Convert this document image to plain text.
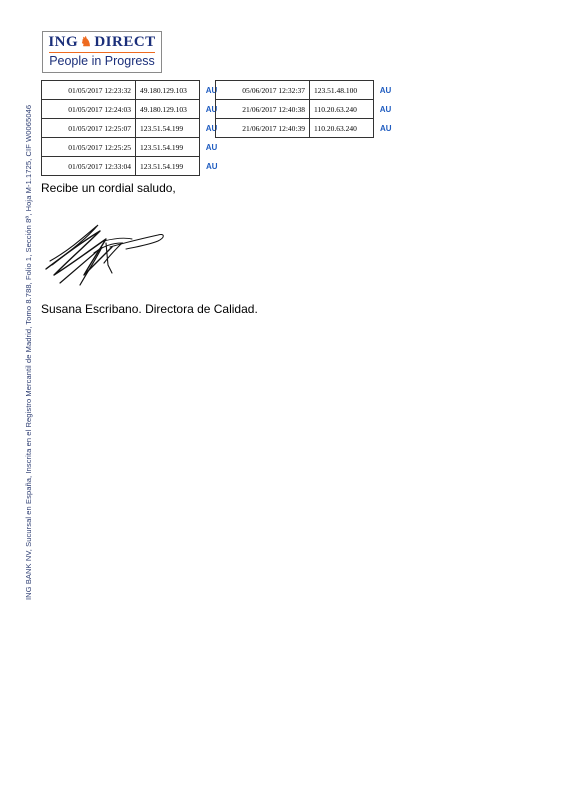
ING ♞ DIRECT
People in Progress
ING BANK NV, Sucursal en España, Inscrita en el Registro Mercantil de Madrid, Tomo 8.788, Folio 1, Sección 8ª, Hoja M-1.1725, CIF W0065046
01/05/2017 12:23:32	49.180.129.103	AU
01/05/2017 12:24:03	49.180.129.103	AU
01/05/2017 12:25:07	123.51.54.199	AU
01/05/2017 12:25:25	123.51.54.199	AU
01/05/2017 12:33:04	123.51.54.199	AU
05/06/2017 12:32:37	123.51.48.100	AU
21/06/2017 12:40:38	110.20.63.240	AU
21/06/2017 12:40:39	110.20.63.240	AU
Recibe un cordial saludo,
Susana Escribano. Directora de Calidad.
